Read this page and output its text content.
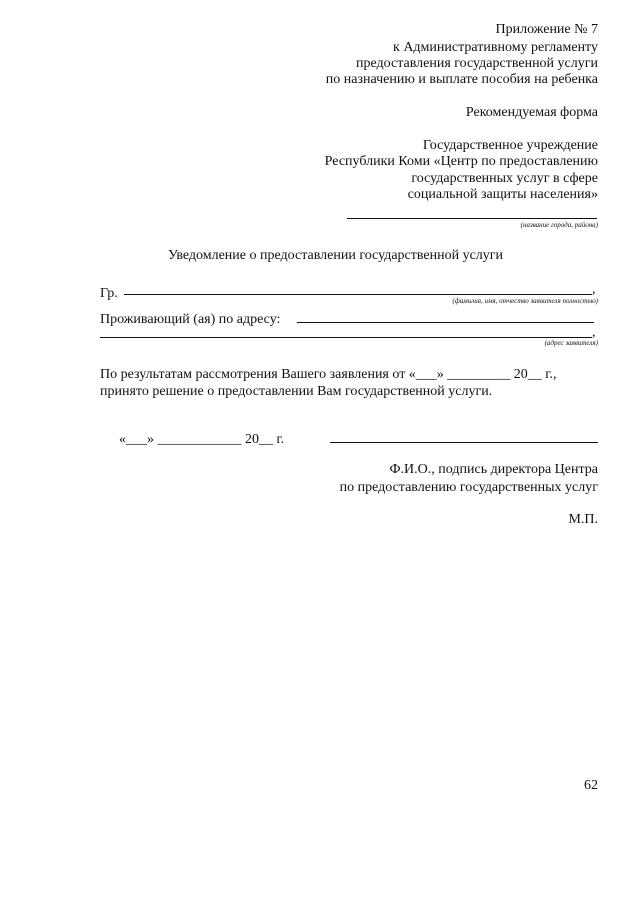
Приложение № 7
к Административному регламенту
предоставления государственной услуги
по назначению и выплате пособия на ребенка
Рекомендуемая форма
Государственное учреждение
Республики Коми «Центр по предоставлению
государственных услуг в сфере
социальной защиты населения»
(название города, района)
Уведомление о предоставлении государственной услуги
Гр.	,
(фамилия, имя, отчество заявителя полностью)
Проживающий (ая) по адресу:
,
(адрес заявителя)
По результатам рассмотрения Вашего заявления от «___» _________ 20__ г.,
принято решение о предоставлении Вам государственной услуги.
«___» ____________ 20__ г.
Ф.И.О., подпись директора Центра
по предоставлению государственных услуг
М.П.
62
